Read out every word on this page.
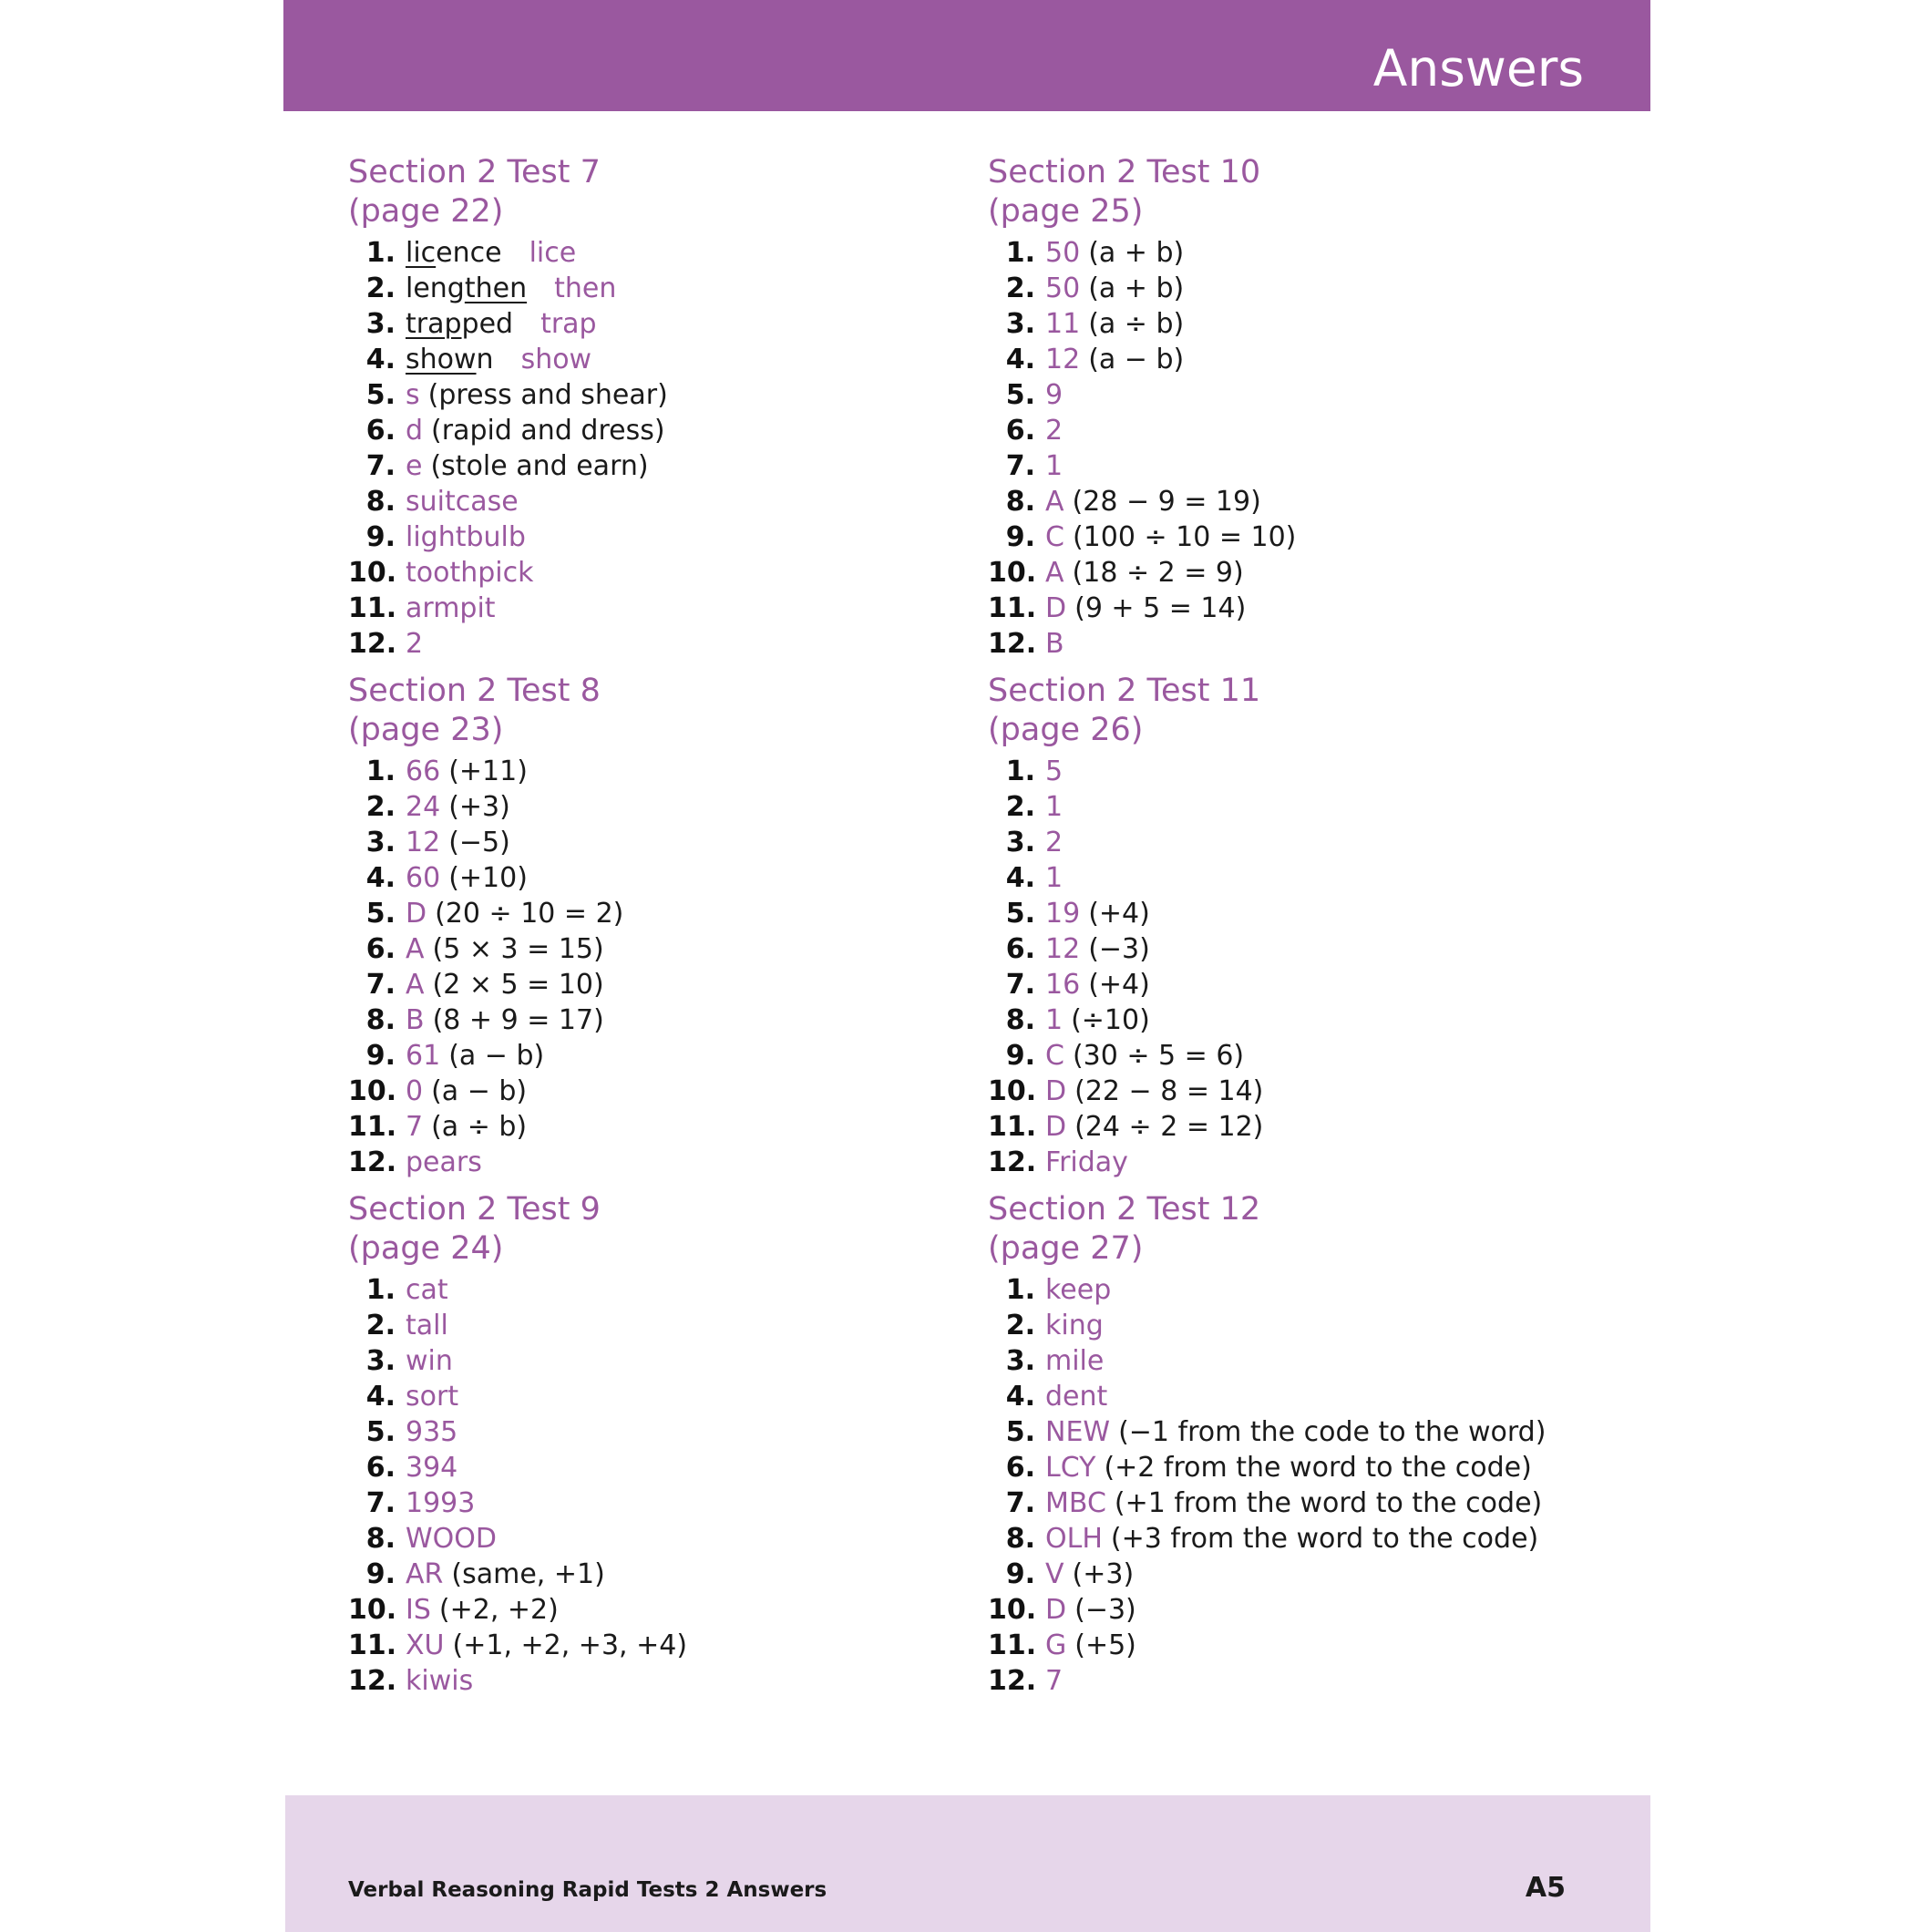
Answers
Section 2 Test 7
(page 22)
1. licence lice
2. lengthen then
3. trapped trap
4. shown show
5. s (press and shear)
6. d (rapid and dress)
7. e (stole and earn)
8. suitcase
9. lightbulb
10. toothpick
11. armpit
12. 2
Section 2 Test 8
(page 23)
1. 66 (+11)
2. 24 (+3)
3. 12 (−5)
4. 60 (+10)
5. D (20 ÷ 10 = 2)
6. A (5 × 3 = 15)
7. A (2 × 5 = 10)
8. B (8 + 9 = 17)
9. 61 (a − b)
10. 0 (a − b)
11. 7 (a ÷ b)
12. pears
Section 2 Test 9
(page 24)
1. cat
2. tall
3. win
4. sort
5. 935
6. 394
7. 1993
8. WOOD
9. AR (same, +1)
10. IS (+2, +2)
11. XU (+1, +2, +3, +4)
12. kiwis
Section 2 Test 10
(page 25)
1. 50 (a + b)
2. 50 (a + b)
3. 11 (a ÷ b)
4. 12 (a − b)
5. 9
6. 2
7. 1
8. A (28 − 9 = 19)
9. C (100 ÷ 10 = 10)
10. A (18 ÷ 2 = 9)
11. D (9 + 5 = 14)
12. B
Section 2 Test 11
(page 26)
1. 5
2. 1
3. 2
4. 1
5. 19 (+4)
6. 12 (−3)
7. 16 (+4)
8. 1 (÷10)
9. C (30 ÷ 5 = 6)
10. D (22 − 8 = 14)
11. D (24 ÷ 2 = 12)
12. Friday
Section 2 Test 12
(page 27)
1. keep
2. king
3. mile
4. dent
5. NEW (−1 from the code to the word)
6. LCY (+2 from the word to the code)
7. MBC (+1 from the word to the code)
8. OLH (+3 from the word to the code)
9. V (+3)
10. D (−3)
11. G (+5)
12. 7
Verbal Reasoning Rapid Tests 2 Answers	A5
